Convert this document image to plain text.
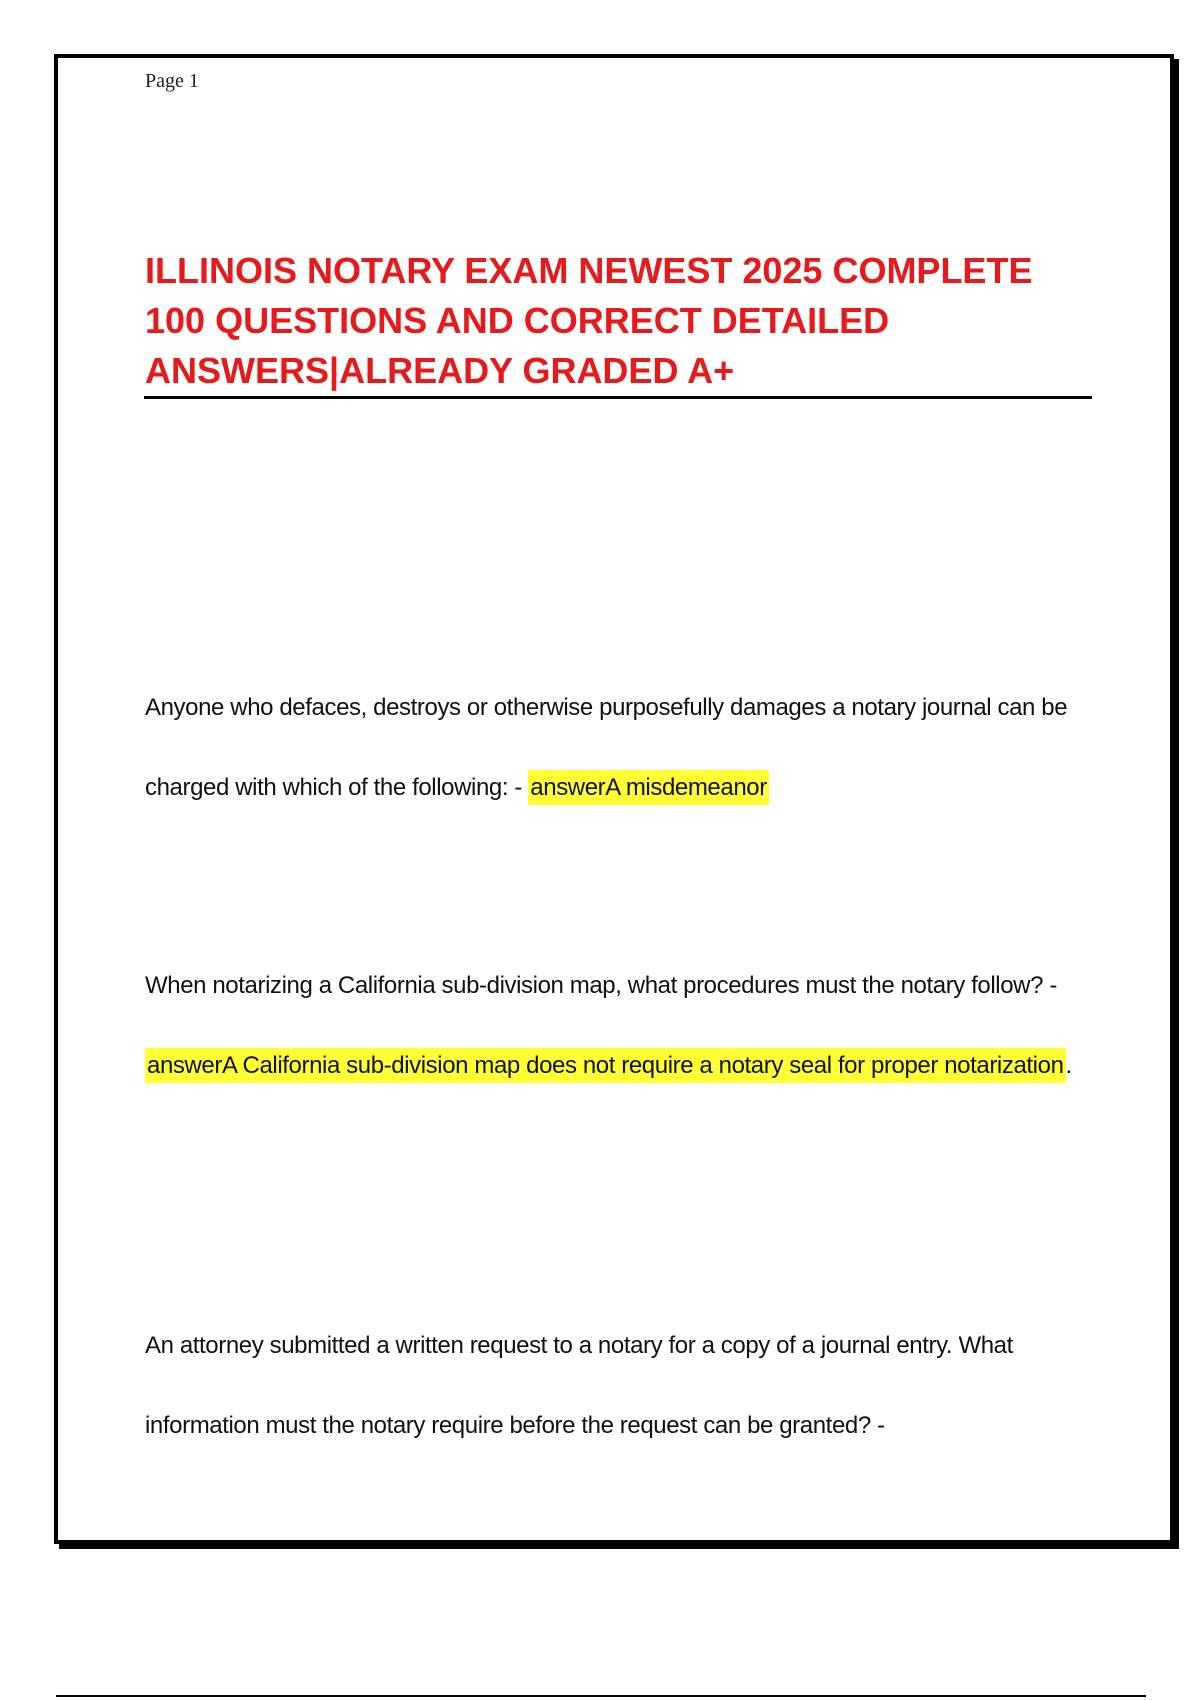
Page 1
ILLINOIS NOTARY EXAM NEWEST 2025 COMPLETE 100 QUESTIONS AND CORRECT DETAILED ANSWERS|ALREADY GRADED A+

Anyone who defaces, destroys or otherwise purposefully damages a notary journal can be charged with which of the following: - answerA misdemeanor

When notarizing a California sub-division map, what procedures must the notary follow? - answerA California sub-division map does not require a notary seal for proper notarization.

An attorney submitted a written request to a notary for a copy of a journal entry. What information must the notary require before the request can be granted? -
